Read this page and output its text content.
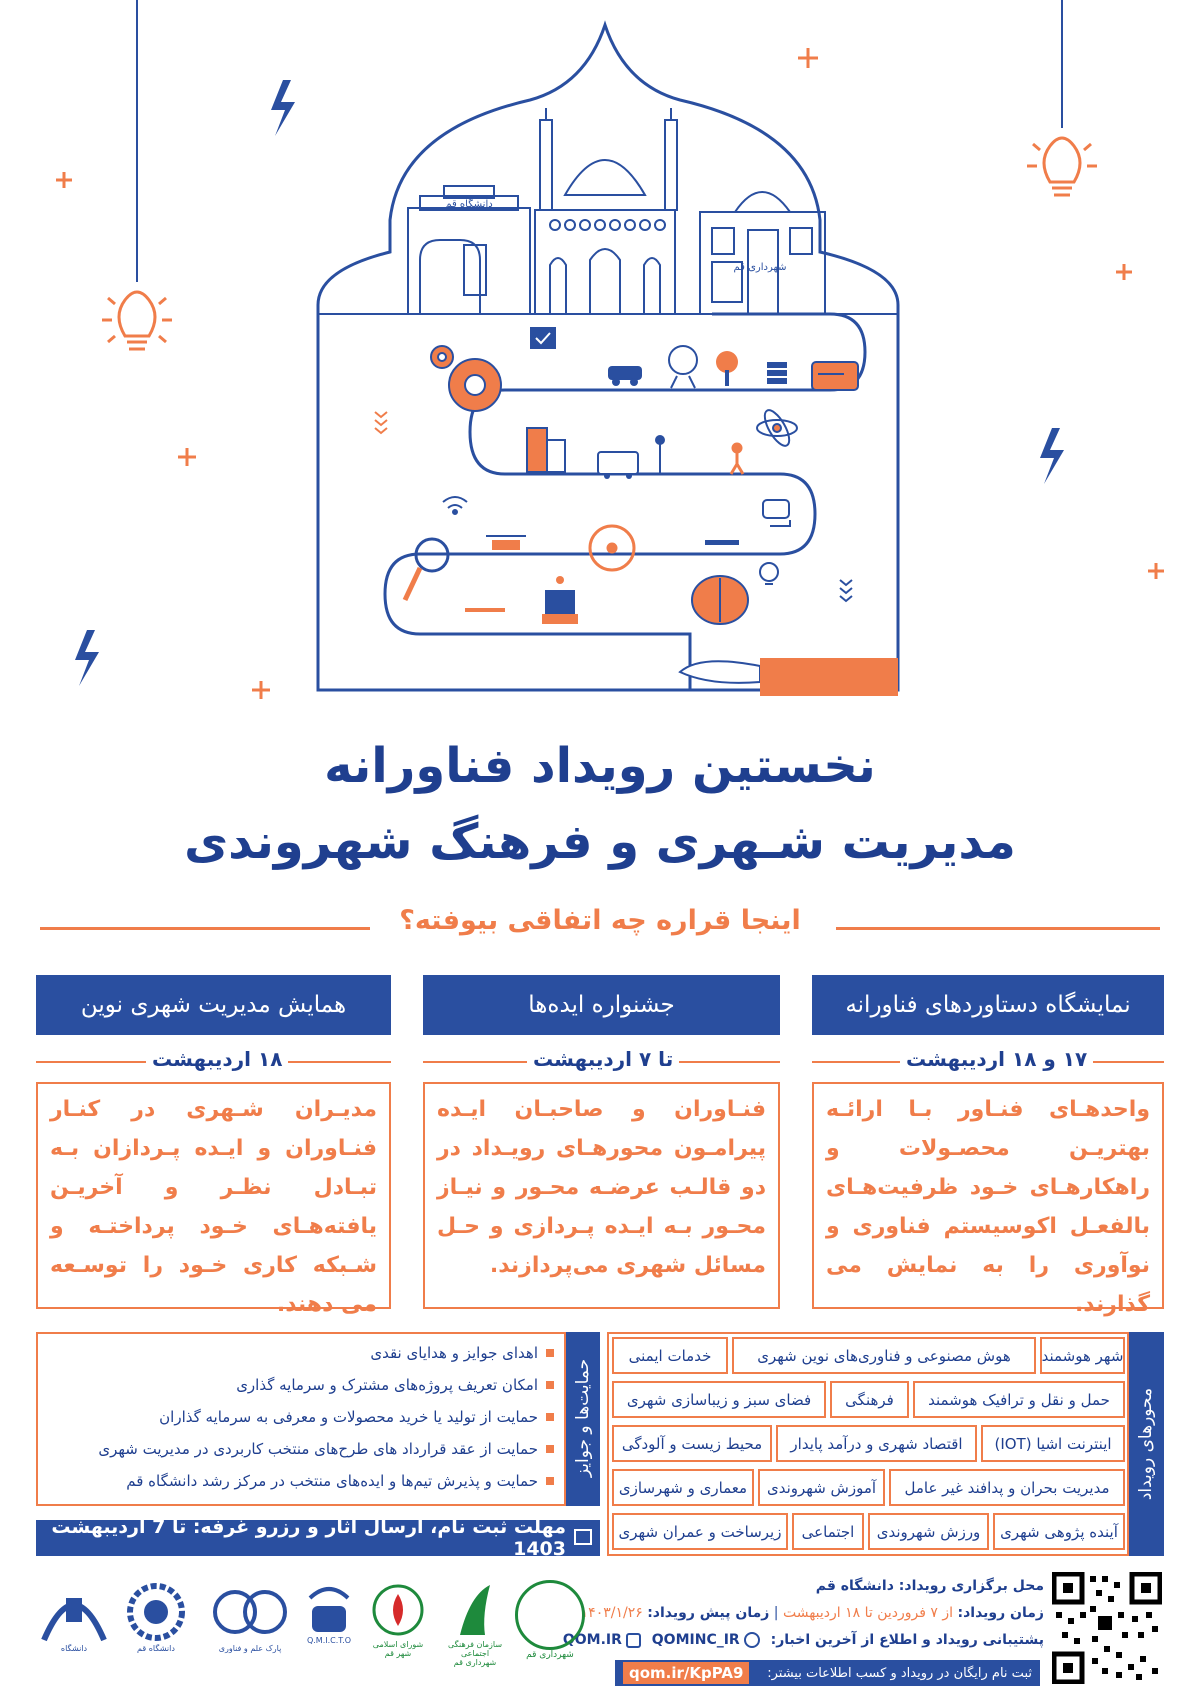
دانشگاه قم
شهرداری قم
نخستین رویداد فناورانه
مدیریت شـهری و فرهنگ شهروندی
اینجا قراره چه اتفاقی بیوفته؟
نمایشگاه دستاوردهای فناورانه
جشنواره ایده‌ها
همایش مدیریت شهری نوین
۱۷ و ۱۸ اردیبهشت
تا ۷ اردیبهشت
۱۸ اردیبهشت
واحدهـای فنـاور بـا ارائـه بهتریـن محصـولات و راهکارهـای خـود ظرفیت‌هـای بالفعـل اکوسیستم فناوری و نوآوری را به نمایش می گذارند.
فنـاوران و صاحبـان ایـده پیرامـون محورهـای رویـداد در دو قالـب عرضـه محـور و نیـاز محـور بـه ایـده پـردازی و حـل مسائل شهری می‌پردازند.
مدیـران شـهری در کنـار فنـاوران و ایـده پـردازان بـه تبـادل نظـر و آخریـن یافته‌هـای خـود پرداختـه و شـبکه کاری خـود را توسـعه می دهند.
اهدای جوایز و هدایای نقدی
امکان تعریف پروژه‌های مشترک و سرمایه گذاری
حمایت از تولید یا خرید محصولات و معرفی به سرمایه گذاران
حمایت از عقد قرارداد های طرح‌های منتخب کاربردی در مدیریت شهری
حمایت و پذیرش تیم‌ها و ایده‌های منتخب در مرکز رشد دانشگاه قم
حمایت‌ها و جوایز
مهلت ثبت نام، ارسال آثار و رزرو غرفه: تا 7 اردیبهشت 1403
محورهای رویداد
شهر هوشمند
هوش مصنوعی و فناوری‌های نوین شهری
خدمات ایمنی
حمل و نقل و ترافیک هوشمند
فرهنگی
فضای سبز و زیباسازی شهری
اینترنت اشیا (IOT)
اقتصاد شهری و درآمد پایدار
محیط زیست و آلودگی
مدیریت بحران و پدافند غیر عامل
آموزش شهروندی
معماری و شهرسازی
آینده پژوهی شهری
ورزش شهروندی
اجتماعی
زیرساخت و عمران شهری
محل برگزاری رویداد: دانشگاه قم
زمان رویداد: از ۷ فروردین تا ۱۸ اردیبهشت | زمان پیش رویداد: ۱۴۰۳/۱/۲۶
پشتیبانی رویداد و اطلاع از آخرین اخبار:  QOM.IR QOMINC_IR
ثبت نام رایگان در رویداد و کسب اطلاعات بیشتر:
qom.ir/KpPA9
شهرداری قم
سازمان فرهنگی اجتماعی شهرداری قم
شورای اسلامی شهر قم
Q.M.I.C.T.O
پارک علم و فناوری
دانشگاه قم
دانشگاه
